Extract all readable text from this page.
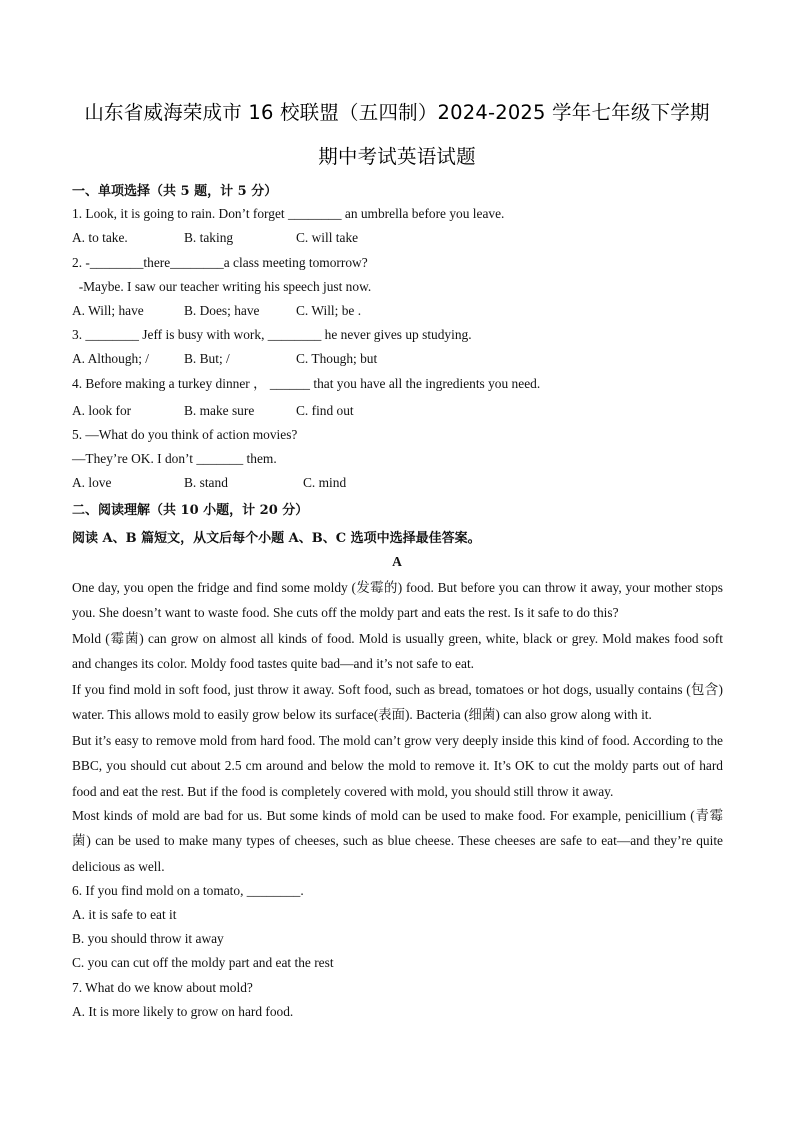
山东省威海荣成市 16 校联盟（五四制）2024-2025 学年七年级下学期
期中考试英语试题
一、单项选择（共 5 题，计 5 分）
1. Look, it is going to rain. Don’t forget ________ an umbrella before you leave.
A. to take.	B. taking	C. will take
2. -________there________a class meeting tomorrow?
-Maybe. I saw our teacher writing his speech just now.
A. Will; have	B. Does; have	C. Will; be .
3. ________ Jeff is busy with work, ________ he never gives up studying.
A. Although; /	B. But; /	C. Though; but
4. Before making a turkey dinner ， ______ that you have all the ingredients you need.
A. look for	B. make sure	C. find out
5. —What do you think of action movies?
—They’re OK. I don’t _______ them.
A. love	B. stand	C. mind
二、阅读理解（共 10 小题，计 20 分）
阅读 A、B 篇短文，从文后每个小题 A、B、C 选项中选择最佳答案。
A
One day, you open the fridge and find some moldy (发霉的) food. But before you can throw it away, your mother stops you. She doesn’t want to waste food. She cuts off the moldy part and eats the rest. Is it safe to do this?
Mold (霉菌) can grow on almost all kinds of food. Mold is usually green, white, black or grey. Mold makes food soft and changes its color. Moldy food tastes quite bad—and it’s not safe to eat.
If you find mold in soft food, just throw it away. Soft food, such as bread, tomatoes or hot dogs, usually contains (包含) water. This allows mold to easily grow below its surface(表面). Bacteria (细菌) can also grow along with it.
But it’s easy to remove mold from hard food. The mold can’t grow very deeply inside this kind of food. According to the BBC, you should cut about 2.5 cm around and below the mold to remove it. It’s OK to cut the moldy parts out of hard food and eat the rest. But if the food is completely covered with mold, you should still throw it away.
Most kinds of mold are bad for us. But some kinds of mold can be used to make food. For example, penicillium (青霉菌) can be used to make many types of cheeses, such as blue cheese. These cheeses are safe to eat—and they’re quite delicious as well.
6. If you find mold on a tomato, ________.
A. it is safe to eat it
B. you should throw it away
C. you can cut off the moldy part and eat the rest
7. What do we know about mold?
A. It is more likely to grow on hard food.
